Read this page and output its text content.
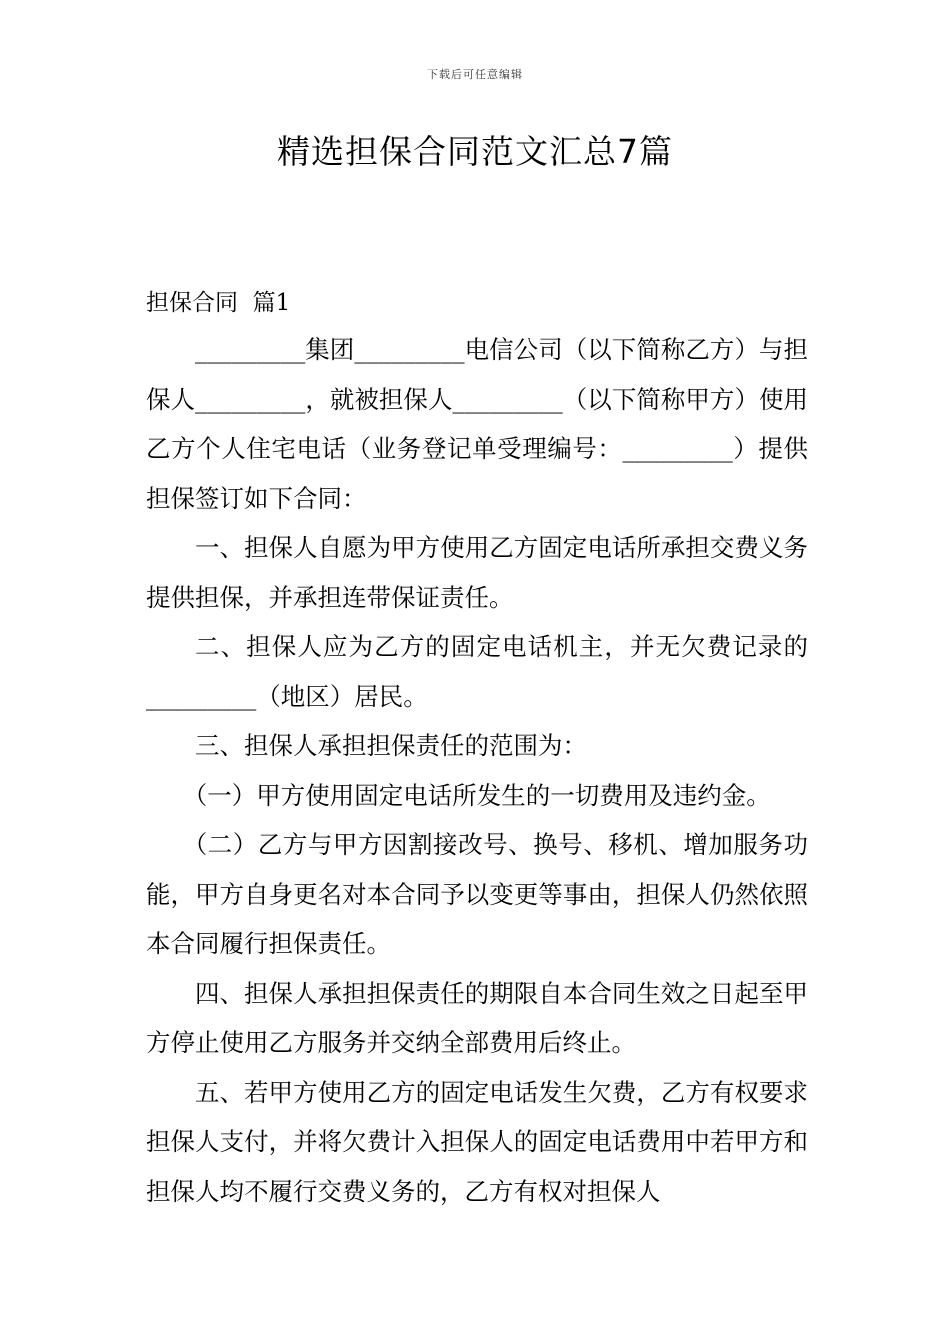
下载后可任意编辑
精选担保合同范文汇总7篇
担保合同  篇1

_________集团_________电信公司（以下简称乙方）与担保人_________，就被担保人_________（以下简称甲方）使用乙方个人住宅电话（业务登记单受理编号：_________）提供担保签订如下合同：

一、担保人自愿为甲方使用乙方固定电话所承担交费义务提供担保，并承担连带保证责任。

二、担保人应为乙方的固定电话机主，并无欠费记录的_________（地区）居民。

三、担保人承担担保责任的范围为：

（一）甲方使用固定电话所发生的一切费用及违约金。

（二）乙方与甲方因割接改号、换号、移机、增加服务功能，甲方自身更名对本合同予以变更等事由，担保人仍然依照本合同履行担保责任。

四、担保人承担担保责任的期限自本合同生效之日起至甲方停止使用乙方服务并交纳全部费用后终止。

五、若甲方使用乙方的固定电话发生欠费，乙方有权要求担保人支付，并将欠费计入担保人的固定电话费用中若甲方和担保人均不履行交费义务的，乙方有权对担保人
